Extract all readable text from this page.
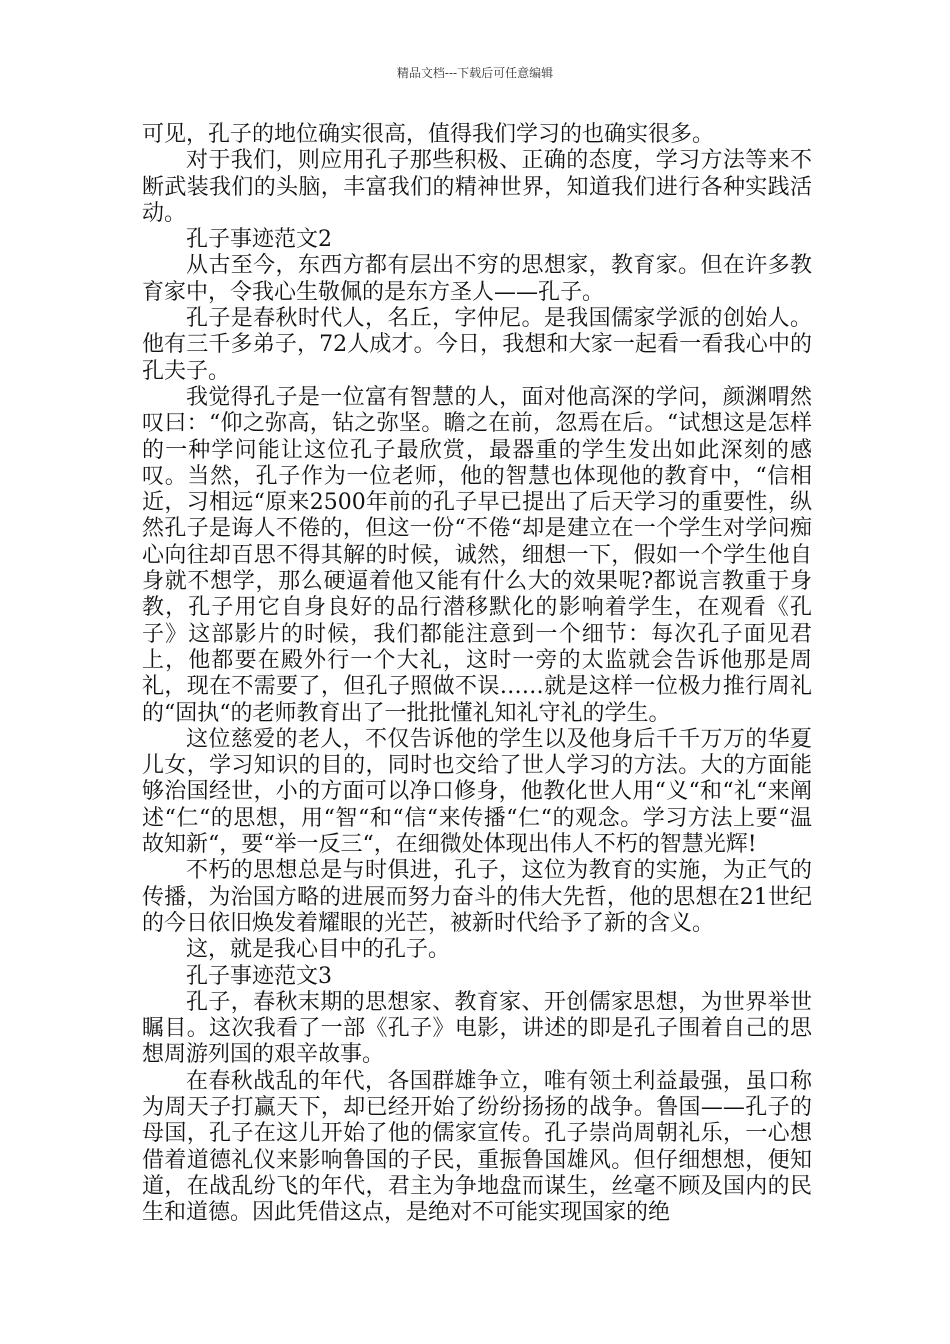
精品文档---下载后可任意编辑

可见，孔子的地位确实很高，值得我们学习的也确实很多。

对于我们，则应用孔子那些积极、正确的态度，学习方法等来不断武装我们的头脑，丰富我们的精神世界，知道我们进行各种实践活动。

孔子事迹范文2

从古至今，东西方都有层出不穷的思想家，教育家。但在许多教育家中，令我心生敬佩的是东方圣人——孔子。

孔子是春秋时代人，名丘，字仲尼。是我国儒家学派的创始人。他有三千多弟子，72人成才。今日，我想和大家一起看一看我心中的孔夫子。

我觉得孔子是一位富有智慧的人，面对他高深的学问，颜渊喟然叹曰：“仰之弥高，钻之弥坚。瞻之在前，忽焉在后。“试想这是怎样的一种学问能让这位孔子最欣赏，最器重的学生发出如此深刻的感叹。当然，孔子作为一位老师，他的智慧也体现他的教育中，“信相近，习相远“原来2500年前的孔子早已提出了后天学习的重要性，纵然孔子是诲人不倦的，但这一份“不倦“却是建立在一个学生对学问痴心向往却百思不得其解的时候，诚然，细想一下，假如一个学生他自身就不想学，那么硬逼着他又能有什么大的效果呢?都说言教重于身教，孔子用它自身良好的品行潜移默化的影响着学生，在观看《孔子》这部影片的时候，我们都能注意到一个细节：每次孔子面见君上，他都要在殿外行一个大礼，这时一旁的太监就会告诉他那是周礼，现在不需要了，但孔子照做不误……就是这样一位极力推行周礼的“固执“的老师教育出了一批批懂礼知礼守礼的学生。

这位慈爱的老人，不仅告诉他的学生以及他身后千千万万的华夏儿女，学习知识的目的，同时也交给了世人学习的方法。大的方面能够治国经世，小的方面可以净口修身，他教化世人用“义“和“礼“来阐述“仁“的思想，用“智“和“信“来传播“仁“的观念。学习方法上要“温故知新“，要“举一反三“，在细微处体现出伟人不朽的智慧光辉!

不朽的思想总是与时俱进，孔子，这位为教育的实施，为正气的传播，为治国方略的进展而努力奋斗的伟大先哲，他的思想在21世纪的今日依旧焕发着耀眼的光芒，被新时代给予了新的含义。

这，就是我心目中的孔子。

孔子事迹范文3

孔子，春秋末期的思想家、教育家、开创儒家思想，为世界举世瞩目。这次我看了一部《孔子》电影，讲述的即是孔子围着自己的思想周游列国的艰辛故事。

在春秋战乱的年代，各国群雄争立，唯有领土利益最强，虽口称为周天子打赢天下，却已经开始了纷纷扬扬的战争。鲁国——孔子的母国，孔子在这儿开始了他的儒家宣传。孔子崇尚周朝礼乐，一心想借着道德礼仪来影响鲁国的子民，重振鲁国雄风。但仔细想想，便知道，在战乱纷飞的年代，君主为争地盘而谋生，丝毫不顾及国内的民生和道德。因此凭借这点，是绝对不可能实现国家的绝
